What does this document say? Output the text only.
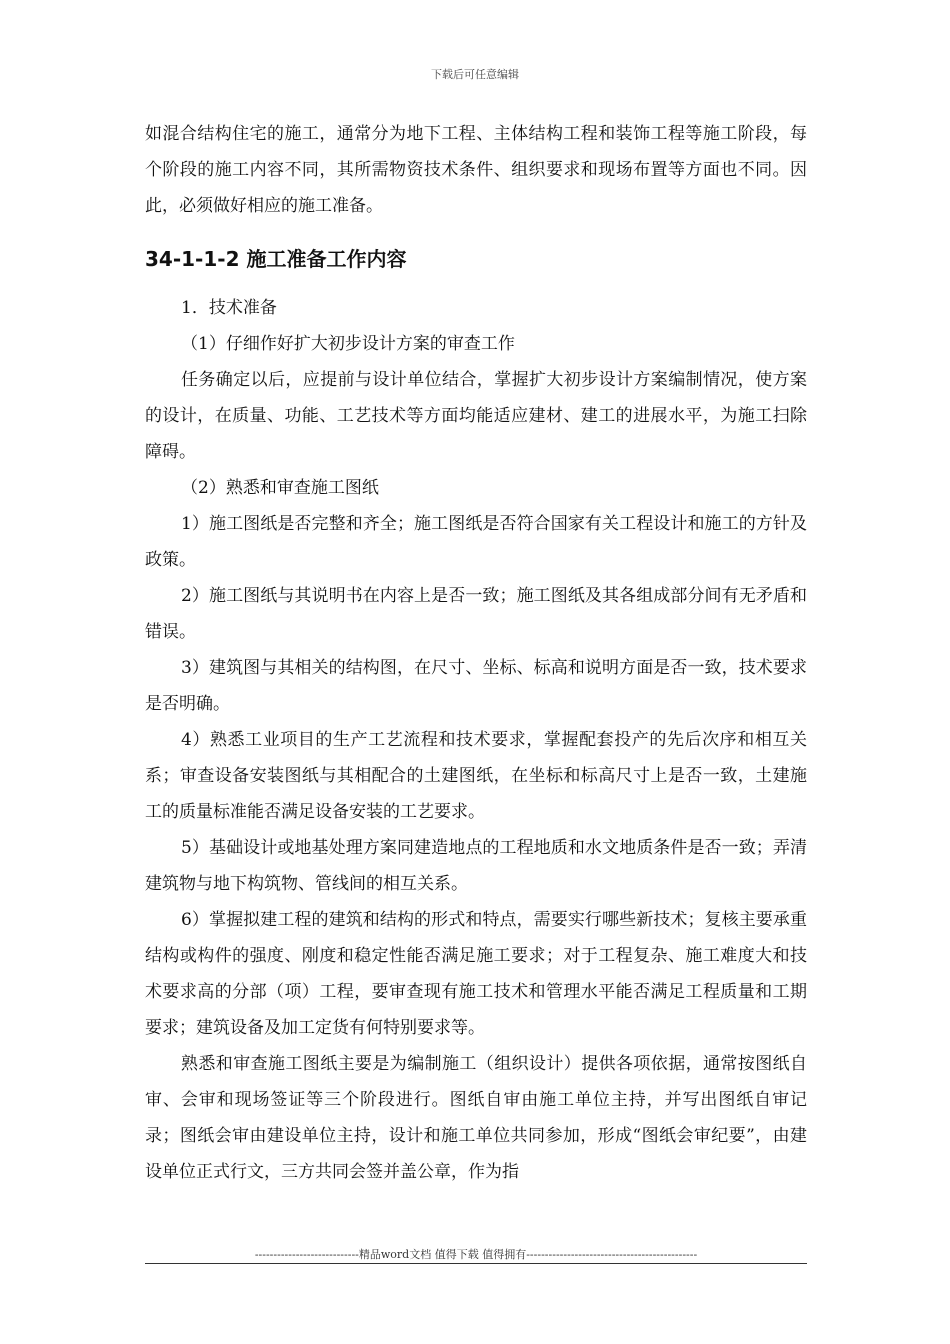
下载后可任意编辑

如混合结构住宅的施工，通常分为地下工程、主体结构工程和装饰工程等施工阶段，每个阶段的施工内容不同，其所需物资技术条件、组织要求和现场布置等方面也不同。因此，必须做好相应的施工准备。

34-1-1-2 施工准备工作内容

1．技术准备

（1）仔细作好扩大初步设计方案的审查工作

任务确定以后，应提前与设计单位结合，掌握扩大初步设计方案编制情况，使方案的设计，在质量、功能、工艺技术等方面均能适应建材、建工的进展水平，为施工扫除障碍。

（2）熟悉和审查施工图纸

1）施工图纸是否完整和齐全；施工图纸是否符合国家有关工程设计和施工的方针及政策。

2）施工图纸与其说明书在内容上是否一致；施工图纸及其各组成部分间有无矛盾和错误。

3）建筑图与其相关的结构图，在尺寸、坐标、标高和说明方面是否一致，技术要求是否明确。

4）熟悉工业项目的生产工艺流程和技术要求，掌握配套投产的先后次序和相互关系；审查设备安装图纸与其相配合的土建图纸，在坐标和标高尺寸上是否一致，土建施工的质量标准能否满足设备安装的工艺要求。

5）基础设计或地基处理方案同建造地点的工程地质和水文地质条件是否一致；弄清建筑物与地下构筑物、管线间的相互关系。

6）掌握拟建工程的建筑和结构的形式和特点，需要实行哪些新技术；复核主要承重结构或构件的强度、刚度和稳定性能否满足施工要求；对于工程复杂、施工难度大和技术要求高的分部（项）工程，要审查现有施工技术和管理水平能否满足工程质量和工期要求；建筑设备及加工定货有何特别要求等。

熟悉和审查施工图纸主要是为编制施工（组织设计）提供各项依据，通常按图纸自审、会审和现场签证等三个阶段进行。图纸自审由施工单位主持，并写出图纸自审记录；图纸会审由建设单位主持，设计和施工单位共同参加，形成“图纸会审纪要”，由建设单位正式行文，三方共同会签并盖公章，作为指

----------------------------精品word文档 值得下载 值得拥有----------------------------------------------
